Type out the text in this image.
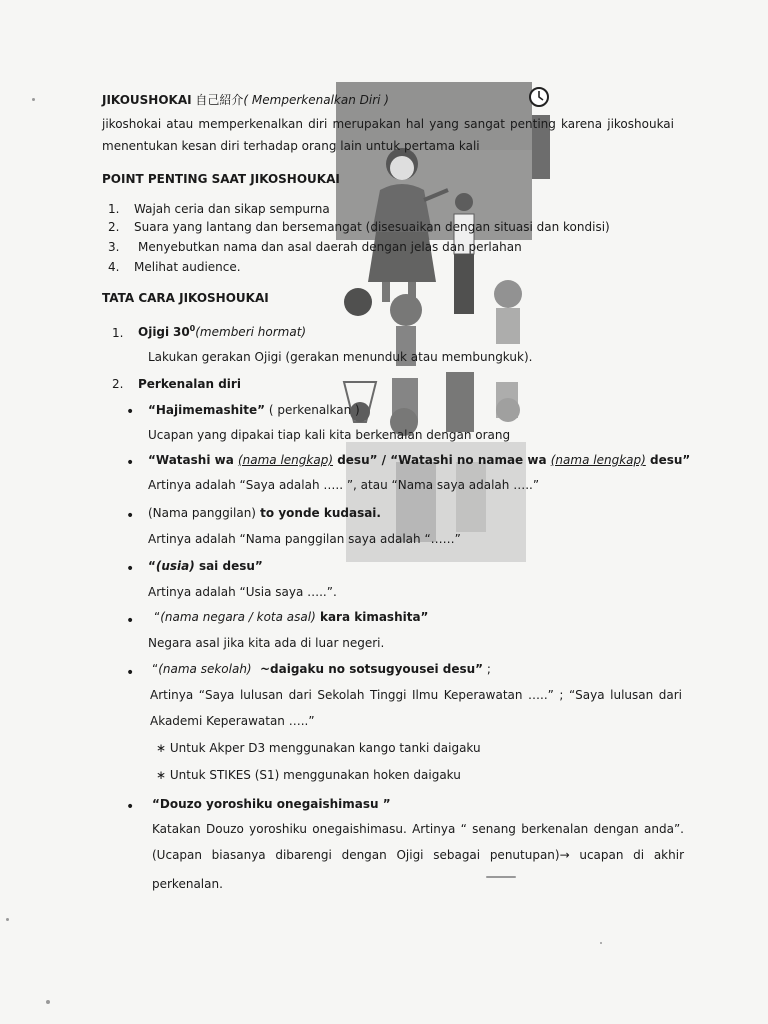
JIKOUSHOKAI 自己紹介( Memperkenalkan Diri )
jikoshokai atau memperkenalkan diri merupakan hal yang sangat penting karena jikoshoukai
menentukan kesan diri terhadap orang lain untuk pertama kali
POINT PENTING SAAT JIKOSHOUKAI
1. Wajah ceria dan sikap sempurna
2. Suara yang lantang dan bersemangat (disesuaikan dengan situasi dan kondisi)
3. Menyebutkan nama dan asal daerah dengan jelas dan perlahan
4. Melihat audience.
TATA CARA JIKOSHOUKAI
1. Ojigi $30^0(memberi$ hormat)
Lakukan gerakan Ojigi (gerakan menunduk atau membungkuk).
2. Perkenalan diri
• “Hajimemashite” ( perkenalkan )
Ucapan yang dipakai tiap kali kita berkenalan dengan orang
• “Watashi wa (nama lengkap) desu” / “Watashi no namae wa (nama lengkap) desu”
Artinya adalah “Saya adalah ….. ”, atau “Nama saya adalah …..”
• (Nama panggilan) to yonde kudasai.
Artinya adalah “Nama panggilan saya adalah “……”
• “(usia) sai desu”
Artinya adalah “Usia saya …..”.
• “(nama negara / kota asal) kara kimashita”
Negara asal jika kita ada di luar negeri.
• “(nama sekolah)  ~daigaku no sotsugyousei desu” ;
Artinya “Saya lulusan dari Sekolah Tinggi Ilmu Keperawatan …..” ; “Saya lulusan dari
Akademi Keperawatan …..”
∗ Untuk Akper D3 menggunakan kango tanki daigaku
∗ Untuk STIKES (S1) menggunakan hoken daigaku
• “Douzo yoroshiku onegaishimasu ”
Katakan Douzo yoroshiku onegaishimasu. Artinya “ senang berkenalan dengan anda”.
(Ucapan biasanya dibarengi dengan Ojigi sebagai penutupan)→ ucapan di akhir
perkenalan.
